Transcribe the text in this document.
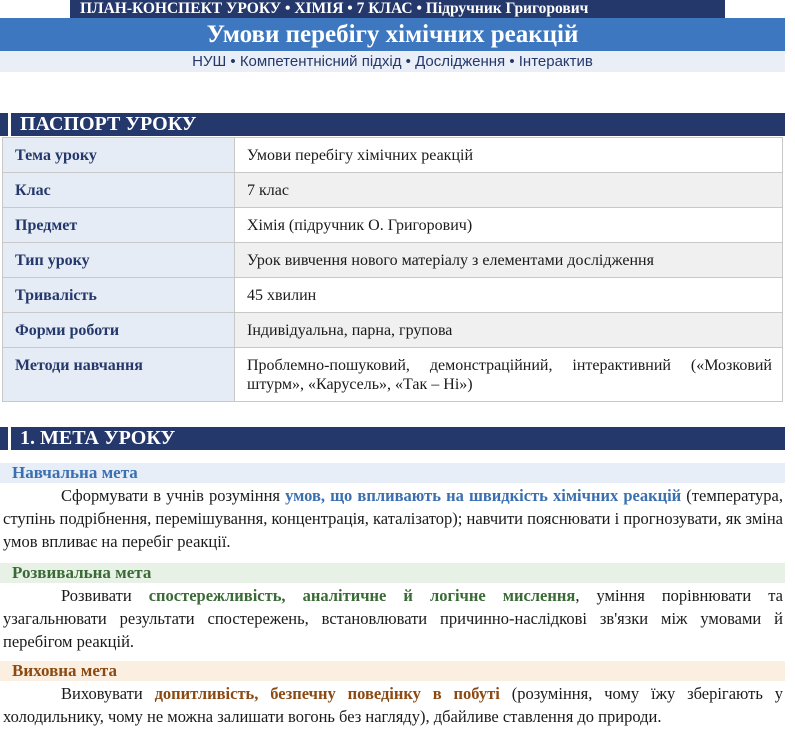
ПЛАН-КОНСПЕКТ УРОКУ • ХІМІЯ • 7 КЛАС • Підручник Григорович
Умови перебігу хімічних реакцій
НУШ • Компетентнісний підхід • Дослідження • Інтерактив
ПАСПОРТ УРОКУ
Тема уроку	Умови перебігу хімічних реакцій
Клас	7 клас
Предмет	Хімія (підручник О. Григорович)
Тип уроку	Урок вивчення нового матеріалу з елементами дослідження
Тривалість	45 хвилин
Форми роботи	Індивідуальна, парна, групова
Методи навчання	Проблемно-пошуковий, демонстраційний, інтерактивний («Мозковий штурм», «Карусель», «Так – Ні»)
1. МЕТА УРОКУ
Навчальна мета

Сформувати в учнів розуміння умов, що впливають на швидкість хімічних реакцій (температура, ступінь подрібнення, перемішування, концентрація, каталізатор); навчити пояснювати і прогнозувати, як зміна умов впливає на перебіг реакції.

Розвивальна мета

Розвивати спостережливість, аналітичне й логічне мислення, уміння порівнювати та узагальнювати результати спостережень, встановлювати причинно-наслідкові зв'язки між умовами й перебігом реакцій.

Виховна мета

Виховувати допитливість, безпечну поведінку в побуті (розуміння, чому їжу зберігають у холодильнику, чому не можна залишати вогонь без нагляду), дбайливе ставлення до природи.
